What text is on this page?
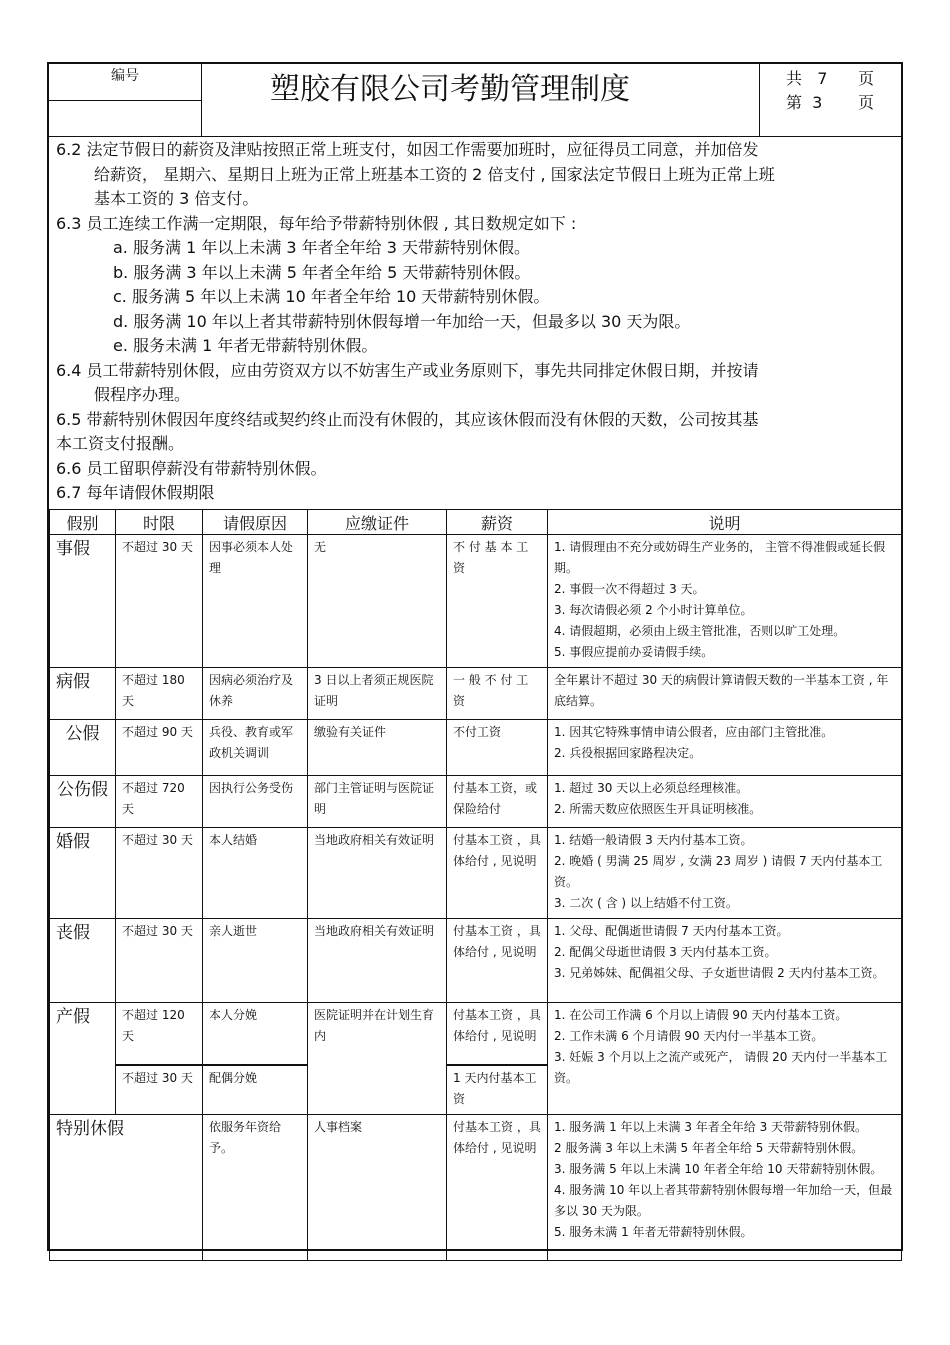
编号	塑胶有限公司考勤管理制度	共   7      页
第  3       页

6.2 法定节假日的薪资及津贴按照正常上班支付，如因工作需要加班时，应征得员工同意，并加倍发
给薪资， 星期六、星期日上班为正常上班基本工资的 2 倍支付 , 国家法定节假日上班为正常上班
基本工资的 3 倍支付。

6.3 员工连续工作满一定期限，每年给予带薪特别休假 , 其日数规定如下 :

a. 服务满 1 年以上未满 3 年者全年给 3 天带薪特别休假。

b. 服务满 3 年以上未满 5 年者全年给 5 天带薪特别休假。

c. 服务满 5 年以上未满 10 年者全年给 10 天带薪特别休假。

d. 服务满 10 年以上者其带薪特别休假每增一年加给一天，但最多以 30 天为限。

e. 服务未满 1 年者无带薪特别休假。

6.4 员工带薪特别休假，应由劳资双方以不妨害生产或业务原则下，事先共同排定休假日期，并按请
假程序办理。

6.5 带薪特别休假因年度终结或契约终止而没有休假的，其应该休假而没有休假的天数，公司按其基
本工资支付报酬。

6.6 员工留职停薪没有带薪特别休假。

6.7 每年请假休假期限

假别	时限	请假原因	应缴证件	薪资	说明
事假	不超过 30 天	因事必须本人处理	无	不 付 基 本 工 资	1. 请假理由不充分或妨碍生产业务的， 主管不得准假或延长假期。
2. 事假一次不得超过 3 天。
3. 每次请假必须 2 个小时计算单位。
4. 请假超期，必须由上级主管批准，否则以旷工处理。
5. 事假应提前办妥请假手续。

病假	不超过 180 天	因病必须治疗及休养	3 日以上者须正规医院证明	一 般 不 付 工 资	全年累计不超过 30 天的病假计算请假天数的一半基本工资 , 年底结算。

公假	不超过 90 天	兵役、教育或军政机关调训	缴验有关证件	不付工资	1. 因其它特殊事情申请公假者，应由部门主管批准。
2. 兵役根据回家路程决定。

公伤假	不超过 720 天	因执行公务受伤	部门主管证明与医院证明	付基本工资，或保险给付	1. 超过 30 天以上必须总经理核准。
2. 所需天数应依照医生开具证明核准。

婚假	不超过 30 天	本人结婚	当地政府相关有效证明	付基本工资 ，具体给付 , 见说明	1. 结婚一般请假 3 天内付基本工资。
2. 晚婚 ( 男满 25 周岁 , 女满 23 周岁 ) 请假 7 天内付基本工资。
3. 二次 ( 含 ) 以上结婚不付工资。

丧假	不超过 30 天	亲人逝世	当地政府相关有效证明	付基本工资 ，具体给付 , 见说明	1. 父母、配偶逝世请假 7 天内付基本工资。
2. 配偶父母逝世请假 3 天内付基本工资。
3. 兄弟姊妹、配偶祖父母、子女逝世请假 2 天内付基本工资。

产假	不超过 120 天	本人分娩	医院证明并在计划生育内	付基本工资 ，具体给付 , 见说明	1. 在公司工作满 6 个月以上请假 90 天内付基本工资。
2. 工作未满 6 个月请假 90 天内付一半基本工资。
3. 妊娠 3 个月以上之流产或死产， 请假 20 天内付一半基本工资。

	不超过 30 天	配偶分娩		1 天内付基本工资	
特别休假		依服务年资给予。	人事档案	付基本工资 ，具体给付 , 见说明	1. 服务满 1 年以上未满 3 年者全年给 3 天带薪特别休假。
2 服务满 3 年以上未满 5 年者全年给 5 天带薪特别休假。
3. 服务满 5 年以上未满 10 年者全年给 10 天带薪特别休假。
4. 服务满 10 年以上者其带薪特别休假每增一年加给一天，但最多以 30 天为限。
5. 服务未满 1 年者无带薪特别休假。
